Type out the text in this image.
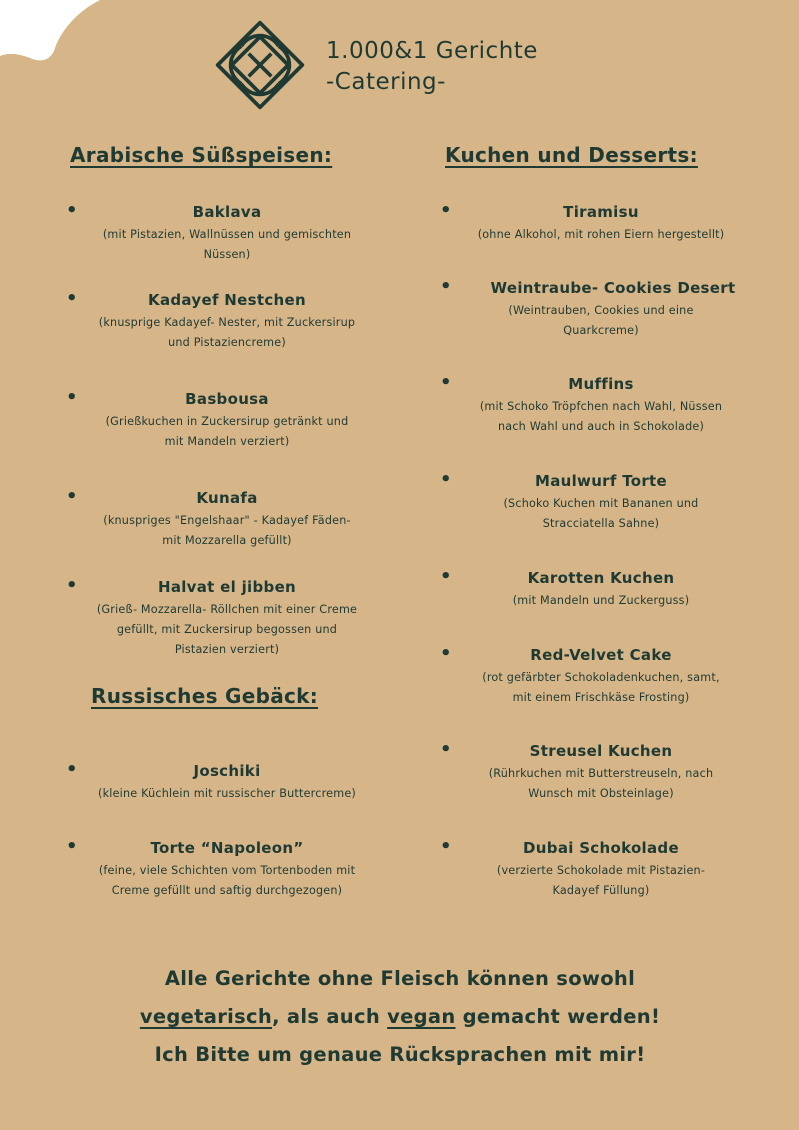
1.000&1 Gerichte
-Catering-
Arabische Süßspeisen:
•	Baklava
(mit Pistazien, Wallnüssen und gemischten
Nüssen)
•	Kadayef Nestchen
(knusprige Kadayef- Nester, mit Zuckersirup
und Pistaziencreme)
•	Basbousa
(Grießkuchen in Zuckersirup getränkt und
mit Mandeln verziert)
•	Kunafa
(knuspriges "Engelshaar" - Kadayef Fäden-
mit Mozzarella gefüllt)
•	Halvat el jibben
(Grieß- Mozzarella- Röllchen mit einer Creme
gefüllt, mit Zuckersirup begossen und
Pistazien verziert)
Russisches Gebäck:
•	Joschiki
(kleine Küchlein mit russischer Buttercreme)
•	Torte “Napoleon”
(feine, viele Schichten vom Tortenboden mit
Creme gefüllt und saftig durchgezogen)
Kuchen und Desserts:
•	Tiramisu
(ohne Alkohol, mit rohen Eiern hergestellt)
•	Weintraube- Cookies Desert
(Weintrauben, Cookies und eine
Quarkcreme)
•	Muffins
(mit Schoko Tröpfchen nach Wahl, Nüssen
nach Wahl und auch in Schokolade)
•	Maulwurf Torte
(Schoko Kuchen mit Bananen und
Stracciatella Sahne)
•	Karotten Kuchen
(mit Mandeln und Zuckerguss)
•	Red-Velvet Cake
(rot gefärbter Schokoladenkuchen, samt,
mit einem Frischkäse Frosting)
•	Streusel Kuchen
(Rührkuchen mit Butterstreuseln, nach
Wunsch mit Obsteinlage)
•	Dubai Schokolade
(verzierte Schokolade mit Pistazien-
Kadayef Füllung)
Alle Gerichte ohne Fleisch können sowohl
vegetarisch, als auch vegan gemacht werden!
Ich Bitte um genaue Rücksprachen mit mir!
